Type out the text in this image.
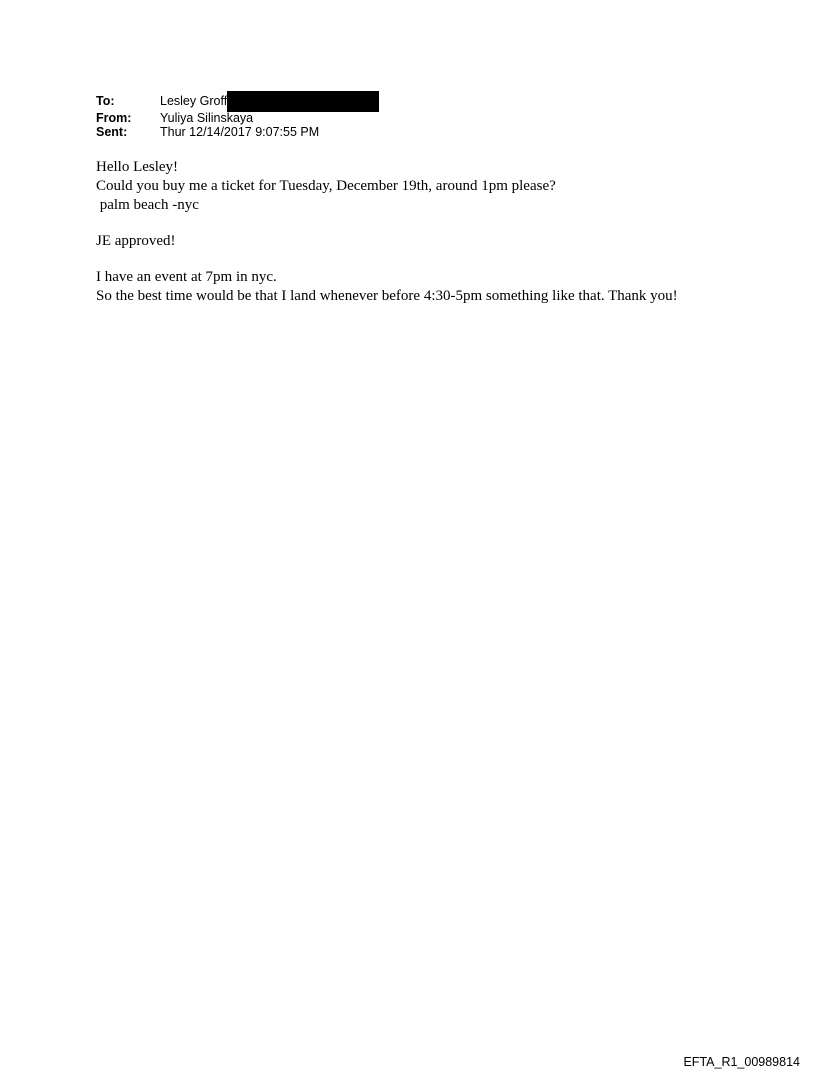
To:	Lesley Groff
From:	Yuliya Silinskaya
Sent:	Thur 12/14/2017 9:07:55 PM
Hello Lesley!
Could you buy me a ticket for Tuesday, December 19th, around 1pm please?
palm beach -nyc
JE approved!
I have an event at 7pm in nyc.
So the best time would be that I land whenever before 4:30-5pm something like that. Thank you!
EFTA_R1_00989814
